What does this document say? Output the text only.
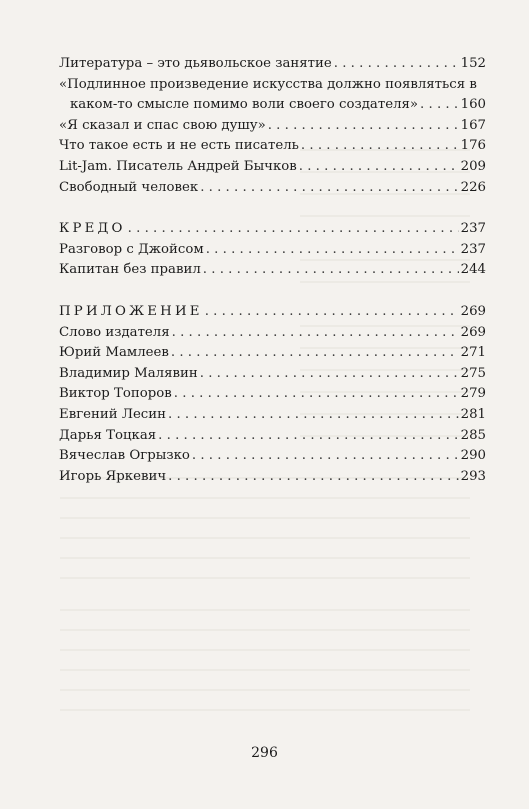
Литература – это дьявольское занятие . . .	152
«Подлинное произведение искусства должно появляться в
каком-то смысле помимо воли своего создателя» . . .	160
«Я сказал и спас свою душу» . . .	167
Что такое есть и не есть писатель . . .	176
Lit-Jam. Писатель Андрей Бычков . . .	209
Свободный человек . . .	226
КРЕДО . . .	237
Разговор с Джойсом . . .	237
Капитан без правил . . .	244
ПРИЛОЖЕНИЕ . . .	269
Слово издателя . . .	269
Юрий Мамлеев . . .	271
Владимир Малявин . . .	275
Виктор Топоров . . .	279
Евгений Лесин . . .	281
Дарья Тоцкая . . .	285
Вячеслав Огрызко . . .	290
Игорь Яркевич . . .	293
296
